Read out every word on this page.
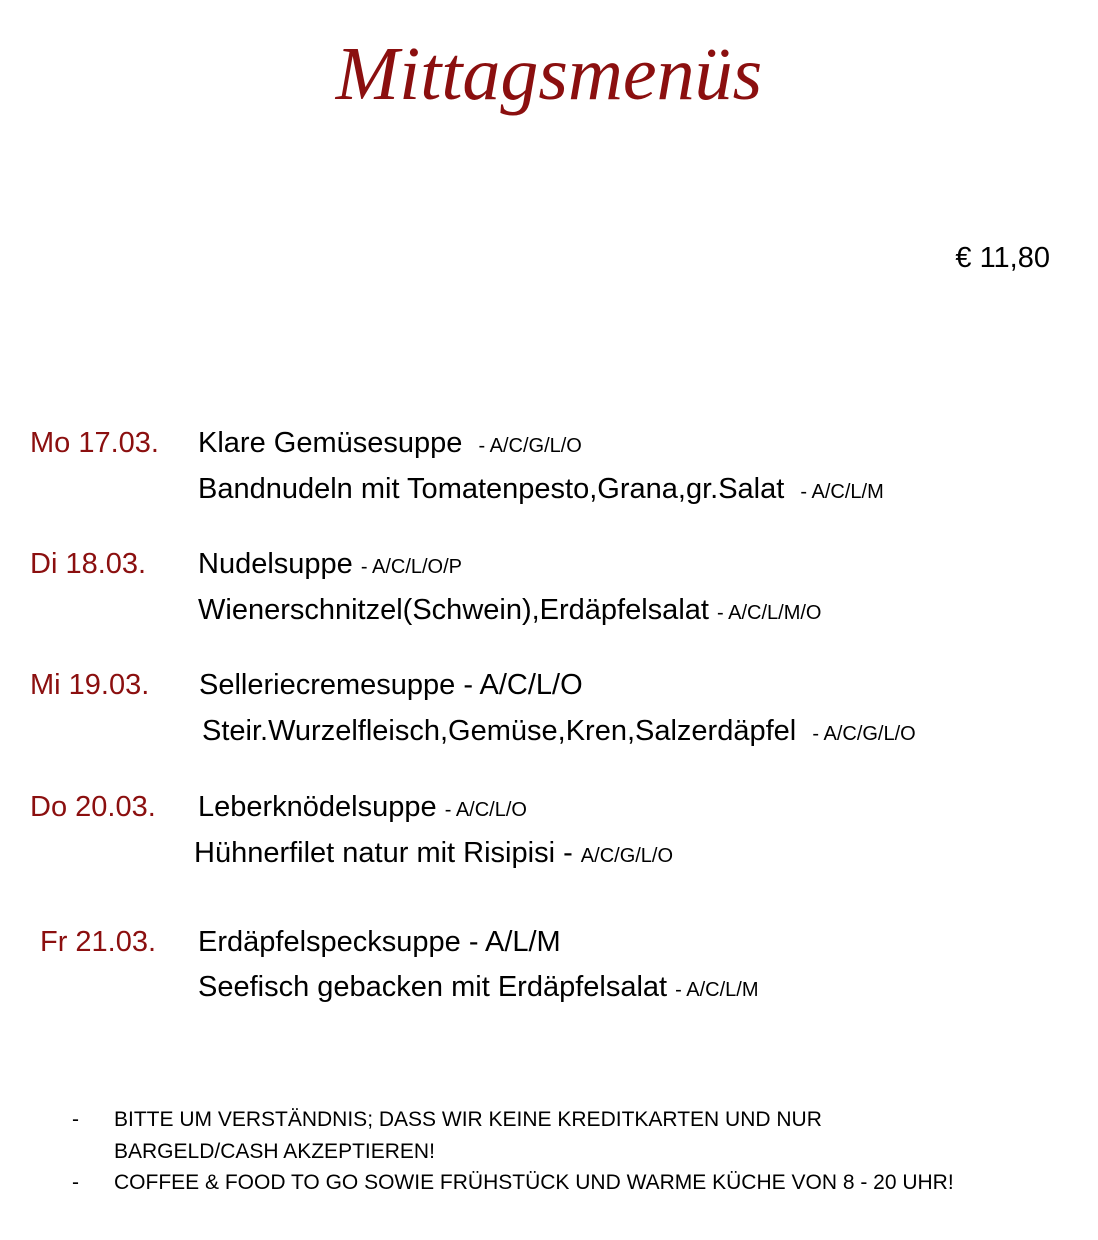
Mittagsmenüs
€ 11,80
Mo 17.03. Klare Gemüsesuppe - A/C/G/L/O
Bandnudeln mit Tomatenpesto,Grana,gr.Salat - A/C/L/M
Di 18.03. Nudelsuppe - A/C/L/O/P
Wienerschnitzel(Schwein),Erdäpfelsalat - A/C/L/M/O
Mi 19.03. Selleriecremesuppe - A/C/L/O
Steir.Wurzelfleisch,Gemüse,Kren,Salzerdäpfel - A/C/G/L/O
Do 20.03. Leberknödelsuppe - A/C/L/O
Hühnerfilet natur mit Risipisi - A/C/G/L/O
Fr 21.03. Erdäpfelspecksuppe - A/L/M
Seefisch gebacken mit Erdäpfelsalat - A/C/L/M
- BITTE UM VERSTÄNDNIS; DASS WIR KEINE KREDITKARTEN UND NUR
BARGELD/CASH AKZEPTIEREN!
- COFFEE & FOOD TO GO SOWIE FRÜHSTÜCK UND WARME KÜCHE VON 8 - 20 UHR!
